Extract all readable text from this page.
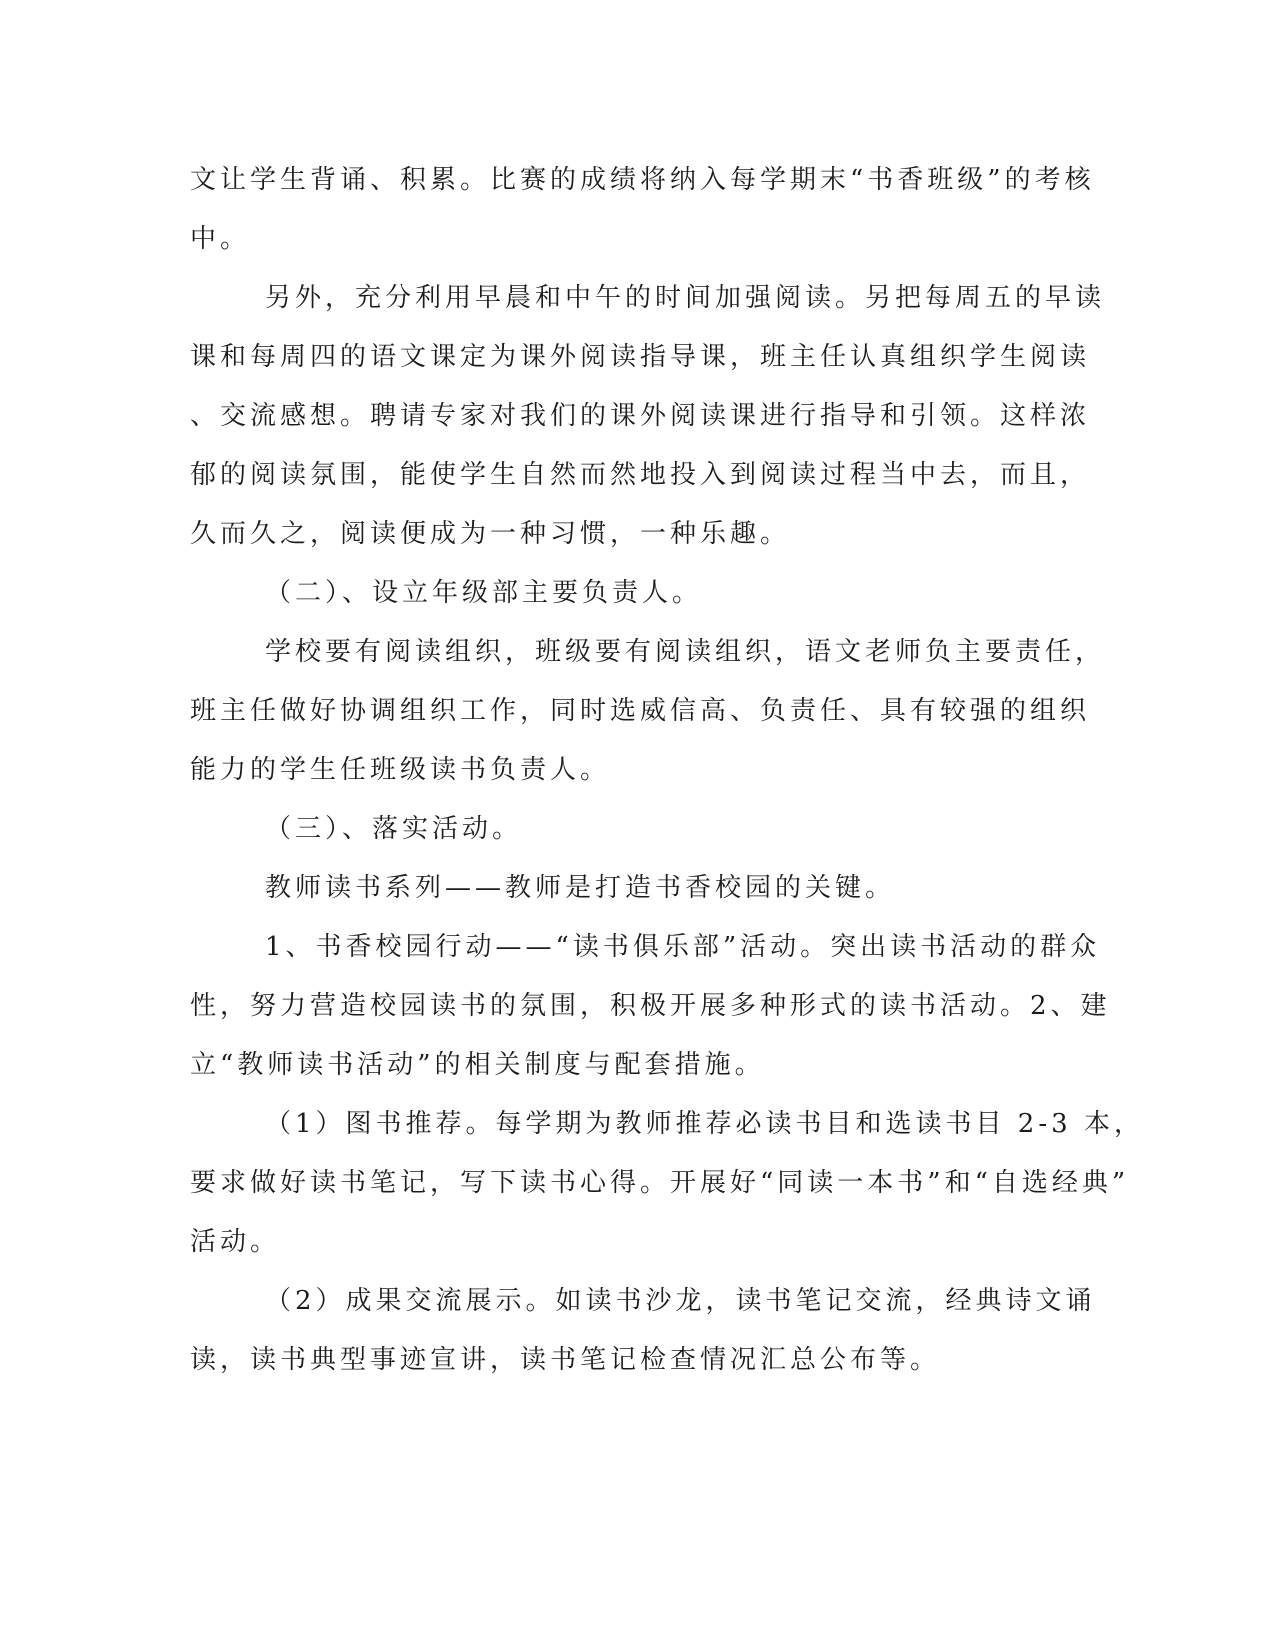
文让学生背诵、积累。比赛的成绩将纳入每学期末“书香班级”的考核
中。
另外，充分利用早晨和中午的时间加强阅读。另把每周五的早读
课和每周四的语文课定为课外阅读指导课，班主任认真组织学生阅读
、交流感想。聘请专家对我们的课外阅读课进行指导和引领。这样浓
郁的阅读氛围，能使学生自然而然地投入到阅读过程当中去，而且，
久而久之，阅读便成为一种习惯，一种乐趣。
（二）、设立年级部主要负责人。
学校要有阅读组织，班级要有阅读组织，语文老师负主要责任，
班主任做好协调组织工作，同时选威信高、负责任、具有较强的组织
能力的学生任班级读书负责人。
（三）、落实活动。
教师读书系列——教师是打造书香校园的关键。
1、书香校园行动——“读书俱乐部”活动。突出读书活动的群众
性，努力营造校园读书的氛围，积极开展多种形式的读书活动。2、建
立“教师读书活动”的相关制度与配套措施。
（1）图书推荐。每学期为教师推荐必读书目和选读书目 2-3 本，
要求做好读书笔记，写下读书心得。开展好“同读一本书”和“自选经典”
活动。
（2）成果交流展示。如读书沙龙，读书笔记交流，经典诗文诵
读，读书典型事迹宣讲，读书笔记检查情况汇总公布等。
